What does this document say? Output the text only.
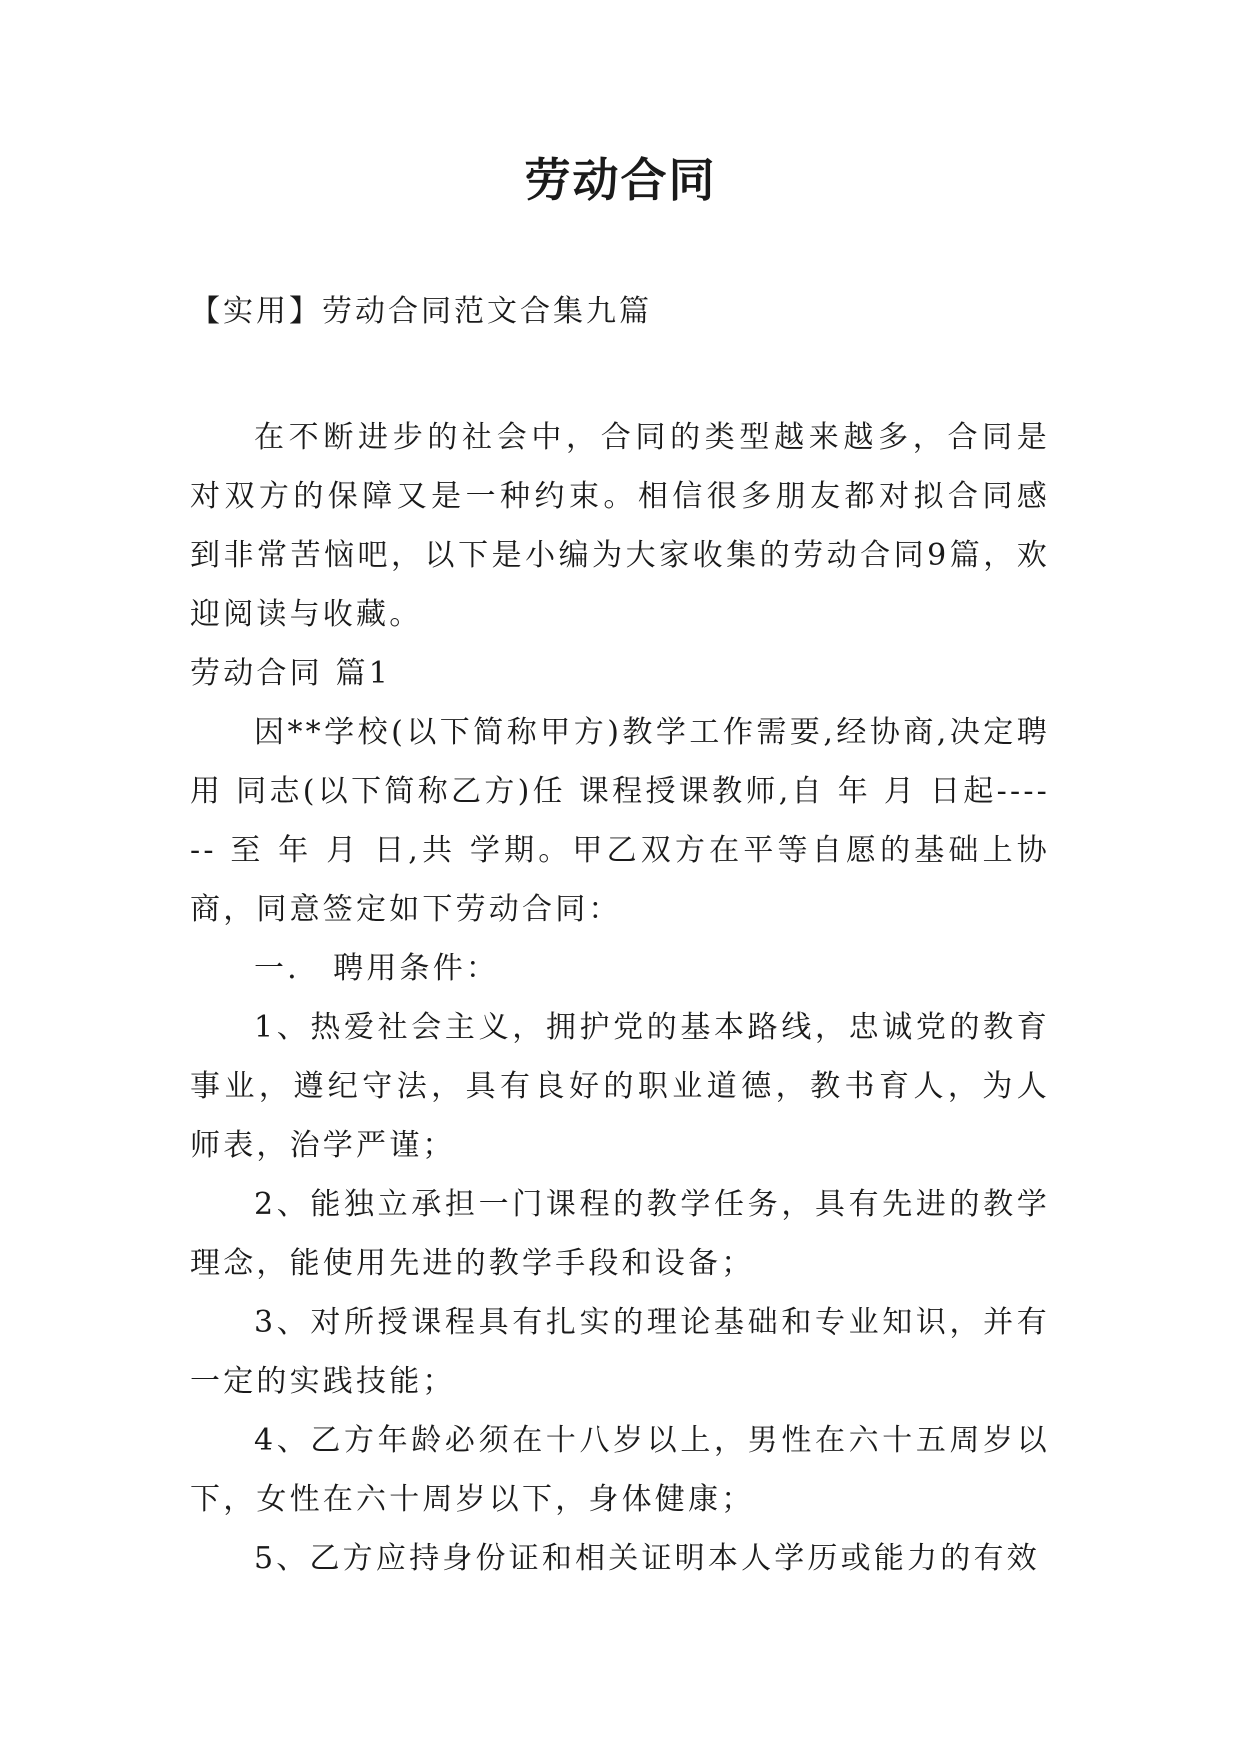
劳动合同
【实用】劳动合同范文合集九篇

在不断进步的社会中，合同的类型越来越多，合同是对双方的保障又是一种约束。相信很多朋友都对拟合同感到非常苦恼吧，以下是小编为大家收集的劳动合同9篇，欢迎阅读与收藏。

劳动合同 篇1

因**学校(以下简称甲方)教学工作需要,经协商,决定聘用 同志(以下简称乙方)任 课程授课教师,自 年 月 日起------ 至 年 月 日,共 学期。甲乙双方在平等自愿的基础上协商，同意签定如下劳动合同：

一． 聘用条件：

1、热爱社会主义，拥护党的基本路线，忠诚党的教育事业，遵纪守法，具有良好的职业道德，教书育人，为人师表，治学严谨；

2、能独立承担一门课程的教学任务，具有先进的教学理念，能使用先进的教学手段和设备；

3、对所授课程具有扎实的理论基础和专业知识，并有一定的实践技能；

4、乙方年龄必须在十八岁以上，男性在六十五周岁以下，女性在六十周岁以下，身体健康；

5、乙方应持身份证和相关证明本人学历或能力的有效
